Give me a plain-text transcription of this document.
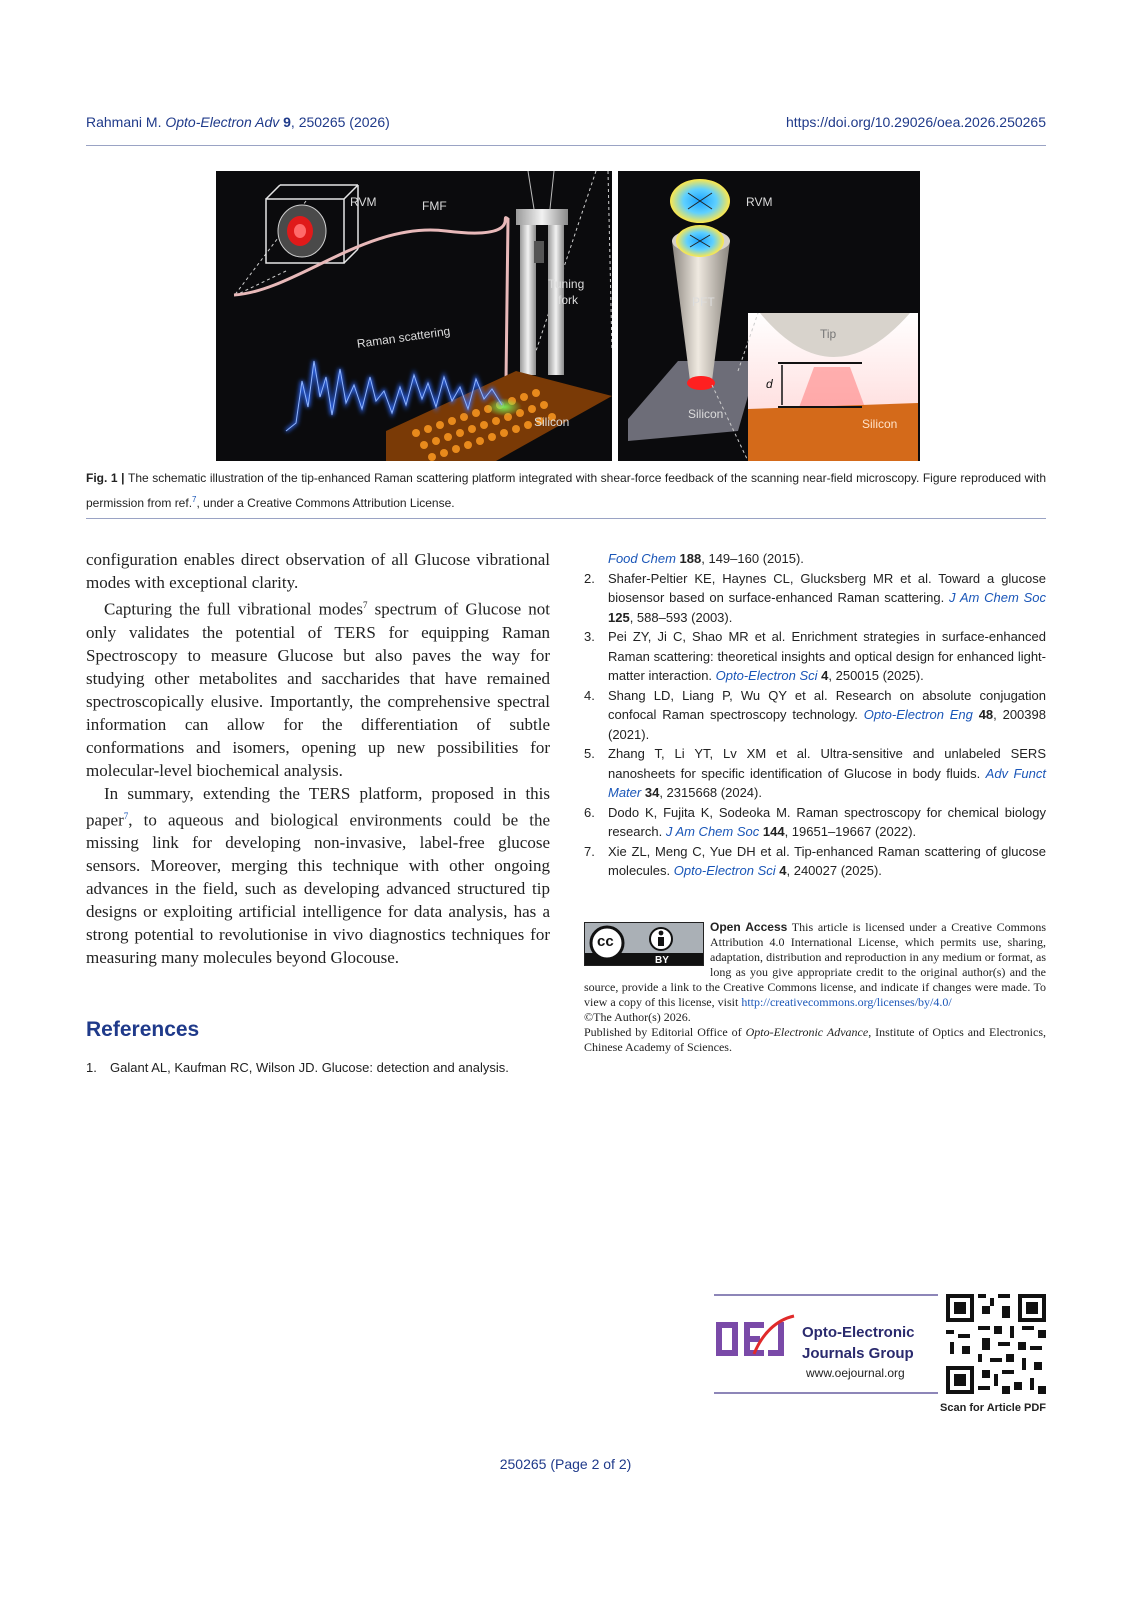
Rahmani M. Opto-Electron Adv 9, 250265 (2026)	https://doi.org/10.29026/oea.2026.250265
RVM	FMF
Tuning
fork
Raman scattering
Silicon
RVM
PFT
Tip
d
Silicon
Silicon
Fig. 1 | The schematic illustration of the tip-enhanced Raman scattering platform integrated with shear-force feedback of the scanning near-field microscopy. Figure reproduced with permission from ref.$^7$, under a Creative Commons Attribution License.

configuration enables direct observation of all Glucose vibrational modes with exceptional clarity.

Capturing the full vibrational modes$^7$ spectrum of Glucose not only validates the potential of TERS for equipping Raman Spectroscopy to measure Glucose but also paves the way for studying other metabolites and saccharides that have remained spectroscopically elusive. Importantly, the comprehensive spectral information can allow for the differentiation of subtle conformations and isomers, opening up new possibilities for molecular-level biochemical analysis.

In summary, extending the TERS platform, proposed in this paper$^7$, to aqueous and biological environments could be the missing link for developing non-invasive, label-free glucose sensors. Moreover, merging this technique with other ongoing advances in the field, such as developing advanced structured tip designs or exploiting artificial intelligence for data analysis, has a strong potential to revolutionise in vivo diagnostics techniques for measuring many molecules beyond Glocouse.

References
1. Galant AL, Kaufman RC, Wilson JD. Glucose: detection and analysis.
Food Chem 188, 149–160 (2015).
2. Shafer-Peltier KE, Haynes CL, Glucksberg MR et al. Toward a glucose biosensor based on surface-enhanced Raman scattering. J Am Chem Soc 125, 588–593 (2003).
3. Pei ZY, Ji C, Shao MR et al. Enrichment strategies in surface-enhanced Raman scattering: theoretical insights and optical design for enhanced light-matter interaction. Opto-Electron Sci 4, 250015 (2025).
4. Shang LD, Liang P, Wu QY et al. Research on absolute conjugation confocal Raman spectroscopy technology. Opto-Electron Eng 48, 200398 (2021).
5. Zhang T, Li YT, Lv XM et al. Ultra-sensitive and unlabeled SERS nanosheets for specific identification of Glucose in body fluids. Adv Funct Mater 34, 2315668 (2024).
6. Dodo K, Fujita K, Sodeoka M. Raman spectroscopy for chemical biology research. J Am Chem Soc 144, 19651–19667 (2022).
7. Xie ZL, Meng C, Yue DH et al. Tip-enhanced Raman scattering of glucose molecules. Opto-Electron Sci 4, 240027 (2025).
cc
BY
Open Access This article is licensed under a Creative Commons Attribution 4.0 International License, which permits use, sharing, adaptation, distribution and reproduction in any medium or format, as long as you give appropriate credit to the original author(s) and the source, provide a link to the Creative Commons license, and indicate if changes were made. To view a copy of this license, visit http://creativecommons.org/licenses/by/4.0/
©The Author(s) 2026.
Published by Editorial Office of Opto-Electronic Advance, Institute of Optics and Electronics, Chinese Academy of Sciences.
Opto-Electronic
Journals Group
www.oejournal.org
Scan for Article PDF
250265 (Page 2 of 2)
